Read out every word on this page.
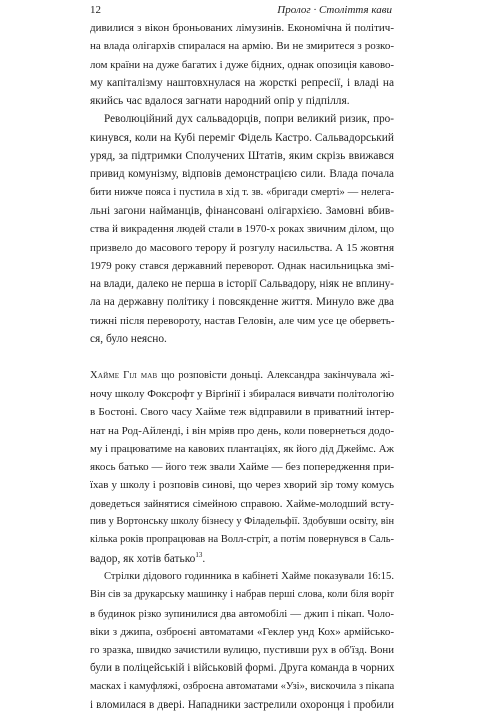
12	Пролог · Століття кави
дивилися з вікон броньованих лімузинів. Економічна й політич-
на влада олігархів спиралася на армію. Ви не змиритеся з розко-
лом країни на дуже багатих і дуже бідних, однак опозиція кавово-
му капіталізму наштовхнулася на жорсткі репресії, і владі на
якийсь час вдалося загнати народний опір у підпілля.
Революційний дух сальвадорців, попри великий ризик, про-
кинувся, коли на Кубі переміг Фідель Кастро. Сальвадорський
уряд, за підтримки Сполучених Штатів, яким скрізь ввижався
привид комунізму, відповів демонстрацією сили. Влада почала
бити нижче пояса і пустила в хід т. зв. «бригади смерті» — нелега-
льні загони найманців, фінансовані олігархією. Замовні вбив-
ства й викрадення людей стали в 1970-х роках звичним ділом, що
призвело до масового терору й розгулу насильства. А 15 жовтня
1979 року стався державний переворот. Однак насильницька змі-
на влади, далеко не перша в історії Сальвадору, ніяк не вплину-
ла на державну політику і повсякденне життя. Минуло вже два
тижні після перевороту, настав Геловін, але чим усе це оберветь-
ся, було неясно.
Хайме Гіл мав що розповісти доньці. Александра закінчувала жі-
ночу школу Фоксрофт у Вірґінії і збиралася вивчати політологію
в Бостоні. Свого часу Хайме теж відправили в приватний інтер-
нат на Род-Айленді, і він мріяв про день, коли повернеться додо-
му і працюватиме на кавових плантаціях, як його дід Джеймс. Аж
якось батько — його теж звали Хайме — без попередження при-
їхав у школу і розповів синові, що через хворий зір тому комусь
доведеться зайнятися сімейною справою. Хайме-молодший всту-
пив у Вортонську школу бізнесу у Філадельфії. Здобувши освіту, він
кілька років пропрацював на Волл-стріт, а потім повернувся в Саль-
вадор, як хотів батько$^{13}$.
Стрілки дідового годинника в кабінеті Хайме показували 16:15.
Він сів за друкарську машинку і набрав перші слова, коли біля воріт
в будинок різко зупинилися два автомобілі — джип і пікап. Чоло-
віки з джипа, озброєні автоматами «Геклер унд Кох» армійсько-
го зразка, швидко зачистили вулицю, пустивши рух в об'їзд. Вони
були в поліцейській і військовій формі. Друга команда в чорних
масках і камуфляжі, озброєна автоматами «Узі», вискочила з пікапа
і вломилася в двері. Нападники застрелили охоронця і пробили
